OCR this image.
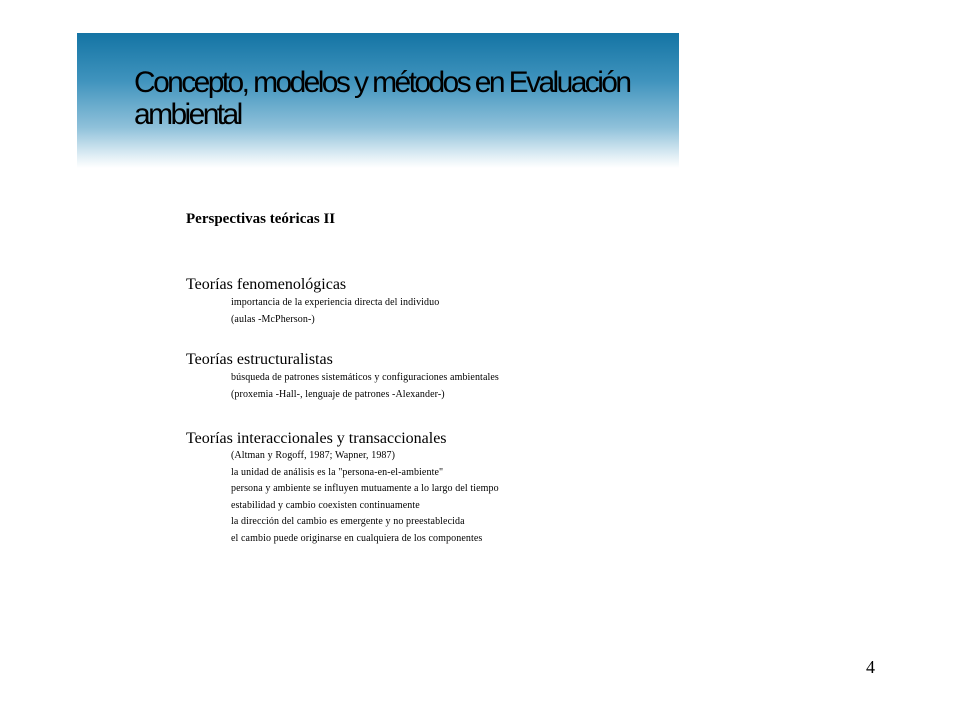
Concepto, modelos y métodos en Evaluación ambiental
Perspectivas teóricas II
Teorías fenomenológicas
importancia de la experiencia directa del individuo
(aulas -McPherson-)
Teorías estructuralistas
búsqueda de patrones sistemáticos y configuraciones ambientales
(proxemia -Hall-, lenguaje de patrones -Alexander-)
Teorías interaccionales y transaccionales
(Altman y Rogoff, 1987; Wapner, 1987)
la unidad de análisis es la "persona-en-el-ambiente"
persona y ambiente se influyen mutuamente a lo largo del tiempo
estabilidad y cambio coexisten continuamente
la dirección del cambio es emergente y no preestablecida
el cambio puede originarse en cualquiera de los componentes
4
